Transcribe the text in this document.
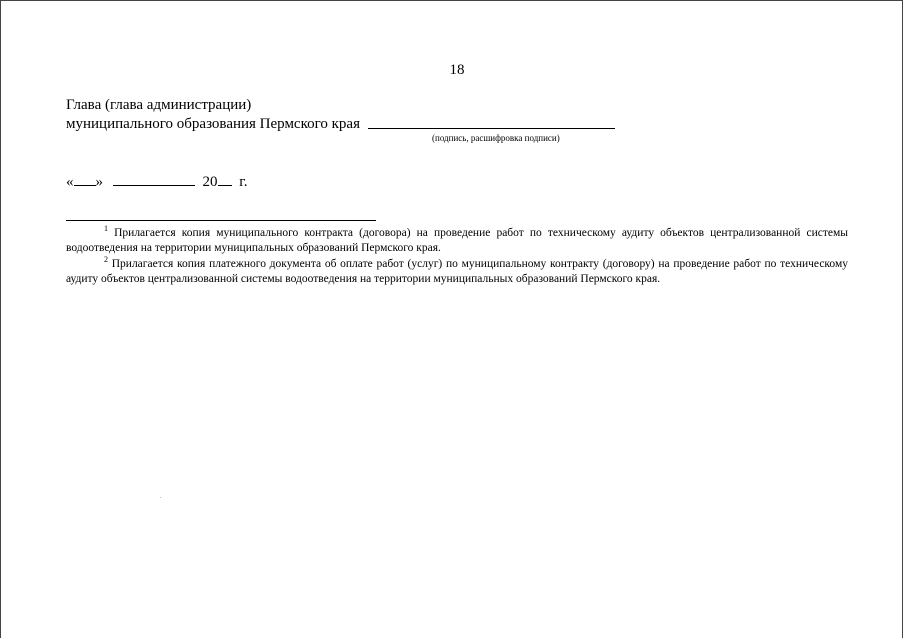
18
Глава (глава администрации)
муниципального образования Пермского края
(подпись, расшифровка подписи)
« »	20 г.
$^1$ Прилагается копия муниципального контракта (договора) на проведение работ по техническому аудиту объектов централизованной системы водоотведения на территории муниципальных образований Пермского края.
$^2$ Прилагается копия платежного документа об оплате работ (услуг) по муниципальному контракту (договору) на проведение работ по техническому аудиту объектов централизованной системы водоотведения на территории муниципальных образований Пермского края.
